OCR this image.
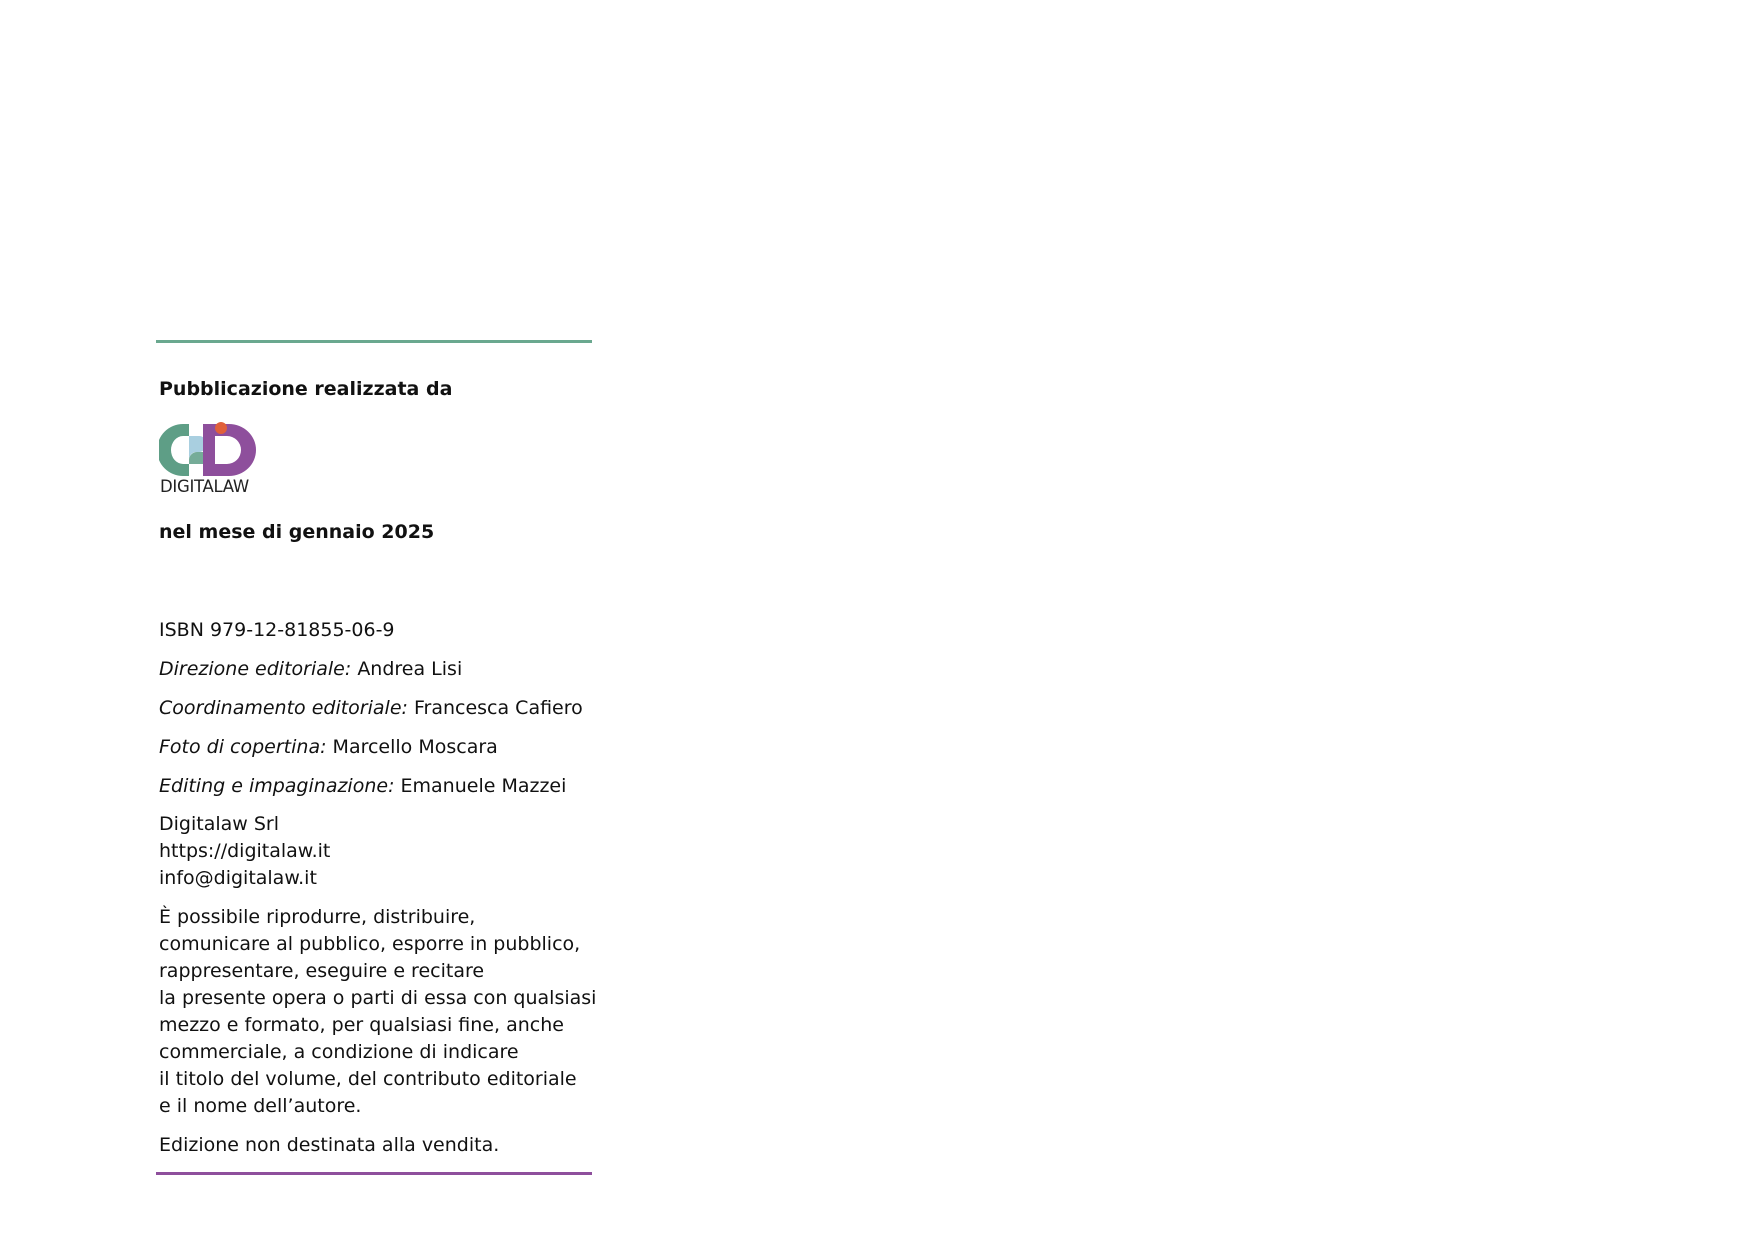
Pubblicazione realizzata da
DIGITALAW
nel mese di gennaio 2025
ISBN 979-12-81855-06-9
Direzione editoriale: Andrea Lisi
Coordinamento editoriale: Francesca Cafiero
Foto di copertina: Marcello Moscara
Editing e impaginazione: Emanuele Mazzei
Digitalaw Srl
https://digitalaw.it
info@digitalaw.it
È possibile riprodurre, distribuire,
comunicare al pubblico, esporre in pubblico,
rappresentare, eseguire e recitare
la presente opera o parti di essa con qualsiasi
mezzo e formato, per qualsiasi fine, anche
commerciale, a condizione di indicare
il titolo del volume, del contributo editoriale
e il nome dell’autore.
Edizione non destinata alla vendita.
